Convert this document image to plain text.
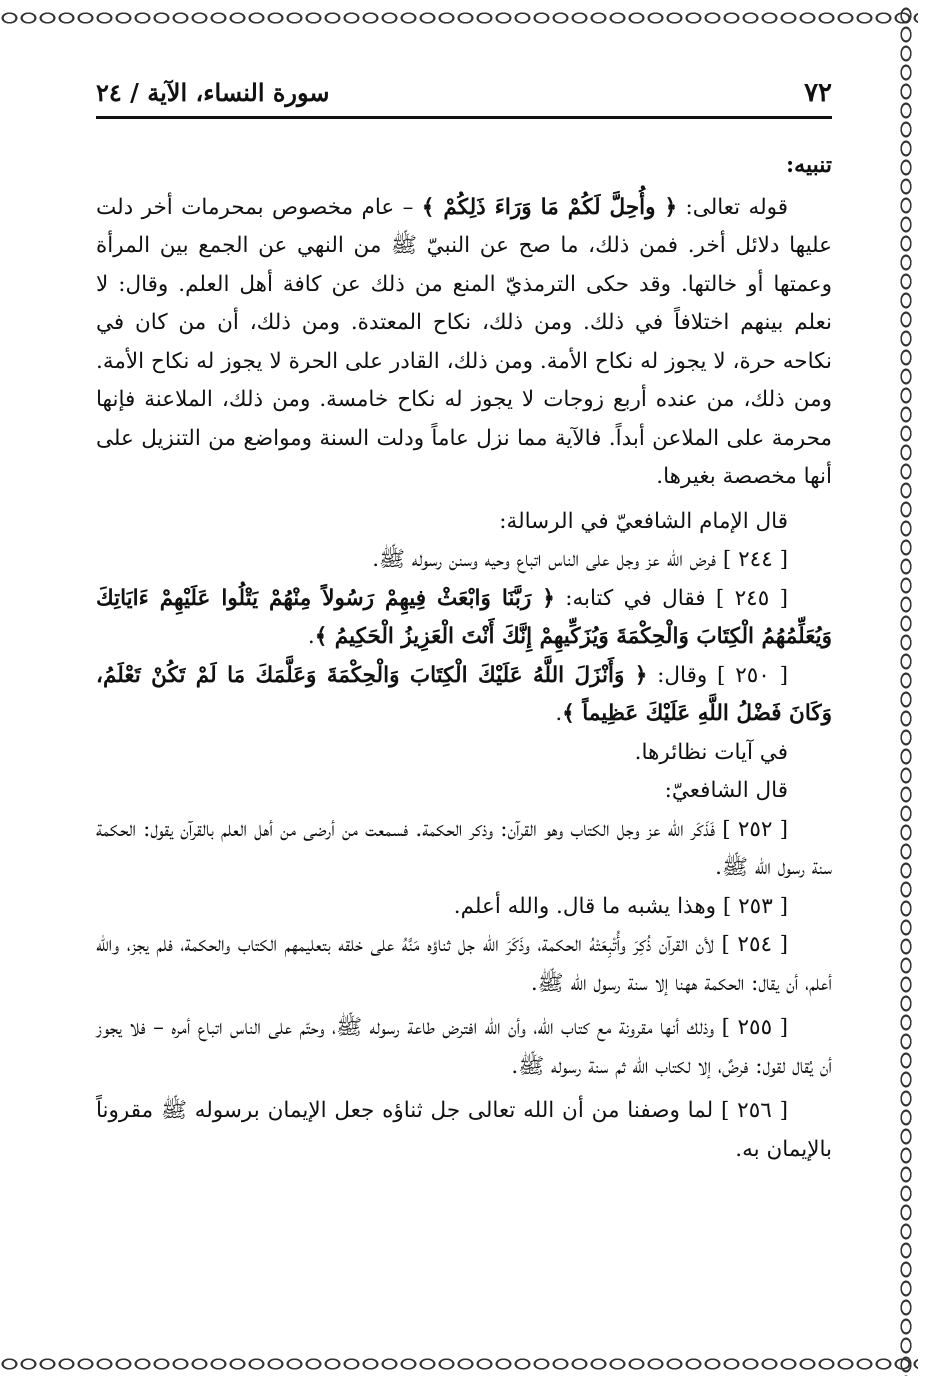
٧٢
سورة النساء، الآية / ٢٤

تنبيه:

قوله تعالى: ﴿ وأُحِلَّ لَكُمْ مَا وَرَاءَ ذَلِكُمْ ﴾ – عام مخصوص بمحرمات أخر دلت عليها دلائل أخر. فمن ذلك، ما صح عن النبيّ ﷺ من النهي عن الجمع بين المرأة وعمتها أو خالتها. وقد حكى الترمذيّ المنع من ذلك عن كافة أهل العلم. وقال: لا نعلم بينهم اختلافاً في ذلك. ومن ذلك، نكاح المعتدة. ومن ذلك، أن من كان في نكاحه حرة، لا يجوز له نكاح الأمة. ومن ذلك، القادر على الحرة لا يجوز له نكاح الأمة. ومن ذلك، من عنده أربع زوجات لا يجوز له نكاح خامسة. ومن ذلك، الملاعنة فإنها محرمة على الملاعن أبداً. فالآية مما نزل عاماً ودلت السنة ومواضع من التنزيل على أنها مخصصة بغيرها.

قال الإمام الشافعيّ في الرسالة:

[ ٢٤٤ ] فرض الله عز وجل على الناس اتباع وحيه وسنن رسوله ﷺ.

[ ٢٤٥ ] فقال في كتابه: ﴿ رَبَّنَا وَابْعَثْ فِيهِمْ رَسُولاً مِنْهُمْ يَتْلُوا عَلَيْهِمْ ءَايَاتِكَ وَيُعَلِّمُهُمُ الْكِتَابَ وَالْحِكْمَةَ وَيُزَكِّيهِمْ إِنَّكَ أَنْتَ الْعَزِيزُ الْحَكِيمُ ﴾.

[ ٢٥٠ ] وقال: ﴿ وَأَنْزَلَ اللَّهُ عَلَيْكَ الْكِتَابَ وَالْحِكْمَةَ وَعَلَّمَكَ مَا لَمْ تَكُنْ تَعْلَمُ، وَكَانَ فَضْلُ اللَّهِ عَلَيْكَ عَظِيماً ﴾.

في آيات نظائرها.

قال الشافعيّ:

[ ٢٥٢ ] فَذَكَر الله عز وجل الكتاب وهو القرآن: وذكر الحكمة. فسمعت من أرضى من أهل العلم بالقرآن يقول: الحكمة سنة رسول الله ﷺ.

[ ٢٥٣ ] وهذا يشبه ما قال. والله أعلم.

[ ٢٥٤ ] لأن القرآن ذُكِرَ وأُتْبِعَتْهُ الحكمة، وذَكَرَ الله جل ثناؤه مَنَّهُ على خلقه بتعليمهم الكتاب والحكمة، فلم يجز، والله أعلم، أن يقال: الحكمة ههنا إلا سنة رسول الله ﷺ.

[ ٢٥٥ ] وذلك أنها مقرونة مع كتاب الله، وأن الله افترض طاعة رسوله ﷺ، وحتّم على الناس اتباع أمره – فلا يجوز أن يُقال لقول: فرضٌ، إلا لكتاب الله ثم سنة رسوله ﷺ.

[ ٢٥٦ ] لما وصفنا من أن الله تعالى جل ثناؤه جعل الإيمان برسوله ﷺ مقروناً بالإيمان به.
